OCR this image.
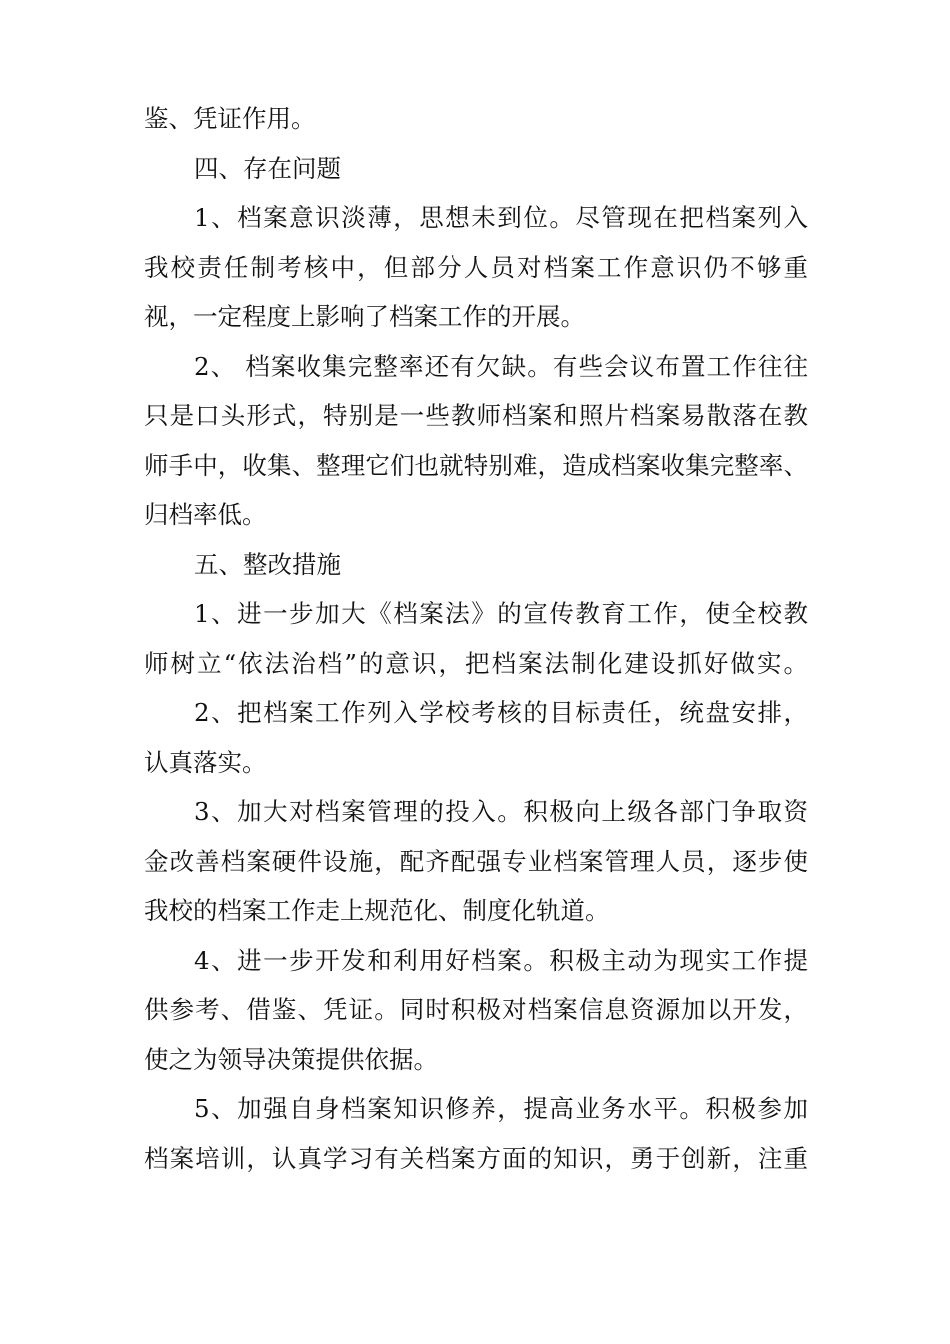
鉴、凭证作用。
四、存在问题
1、档案意识淡薄，思想未到位。尽管现在把档案列入
我校责任制考核中，但部分人员对档案工作意识仍不够重
视，一定程度上影响了档案工作的开展。
2、 档案收集完整率还有欠缺。有些会议布置工作往往
只是口头形式，特别是一些教师档案和照片档案易散落在教
师手中，收集、整理它们也就特别难，造成档案收集完整率、
归档率低。
五、整改措施
1、进一步加大《档案法》的宣传教育工作，使全校教
师树立“依法治档”的意识，把档案法制化建设抓好做实。
2、把档案工作列入学校考核的目标责任，统盘安排，
认真落实。
3、加大对档案管理的投入。积极向上级各部门争取资
金改善档案硬件设施，配齐配强专业档案管理人员，逐步使
我校的档案工作走上规范化、制度化轨道。
4、进一步开发和利用好档案。积极主动为现实工作提
供参考、借鉴、凭证。同时积极对档案信息资源加以开发，
使之为领导决策提供依据。
5、加强自身档案知识修养，提高业务水平。积极参加
档案培训，认真学习有关档案方面的知识，勇于创新，注重
